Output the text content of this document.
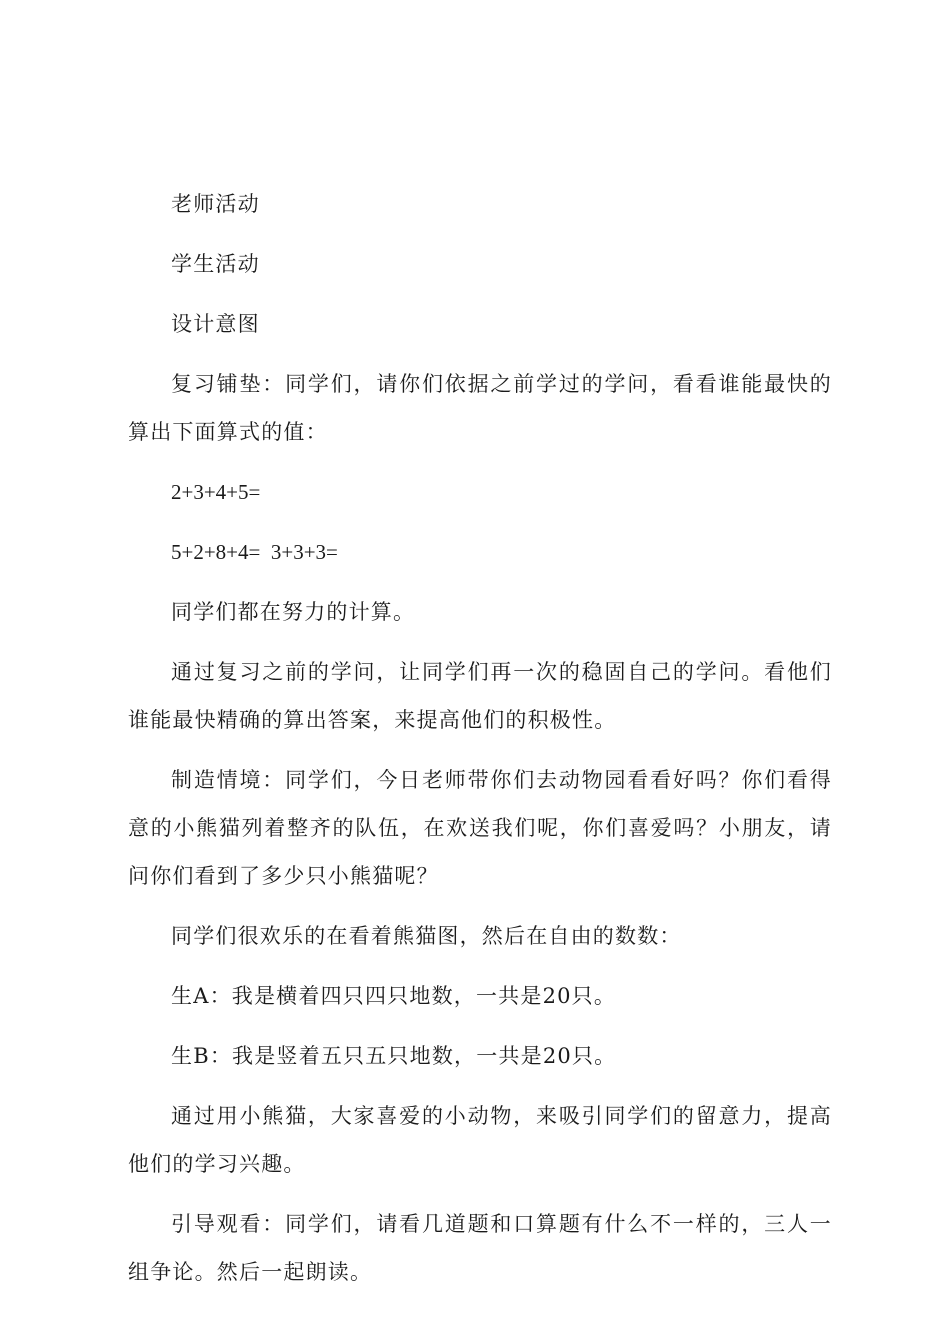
老师活动

学生活动

设计意图

复习铺垫：同学们，请你们依据之前学过的学问，看看谁能最快的算出下面算式的值：

2+3+4+5=

5+2+8+4=  3+3+3=

同学们都在努力的计算。

通过复习之前的学问，让同学们再一次的稳固自己的学问。看他们谁能最快精确的算出答案，来提高他们的积极性。

制造情境：同学们，今日老师带你们去动物园看看好吗？你们看得意的小熊猫列着整齐的队伍，在欢送我们呢，你们喜爱吗？小朋友，请问你们看到了多少只小熊猫呢？

同学们很欢乐的在看着熊猫图，然后在自由的数数：

生A：我是横着四只四只地数，一共是20只。

生B：我是竖着五只五只地数，一共是20只。

通过用小熊猫，大家喜爱的小动物，来吸引同学们的留意力，提高他们的学习兴趣。

引导观看：同学们，请看几道题和口算题有什么不一样的，三人一组争论。然后一起朗读。
